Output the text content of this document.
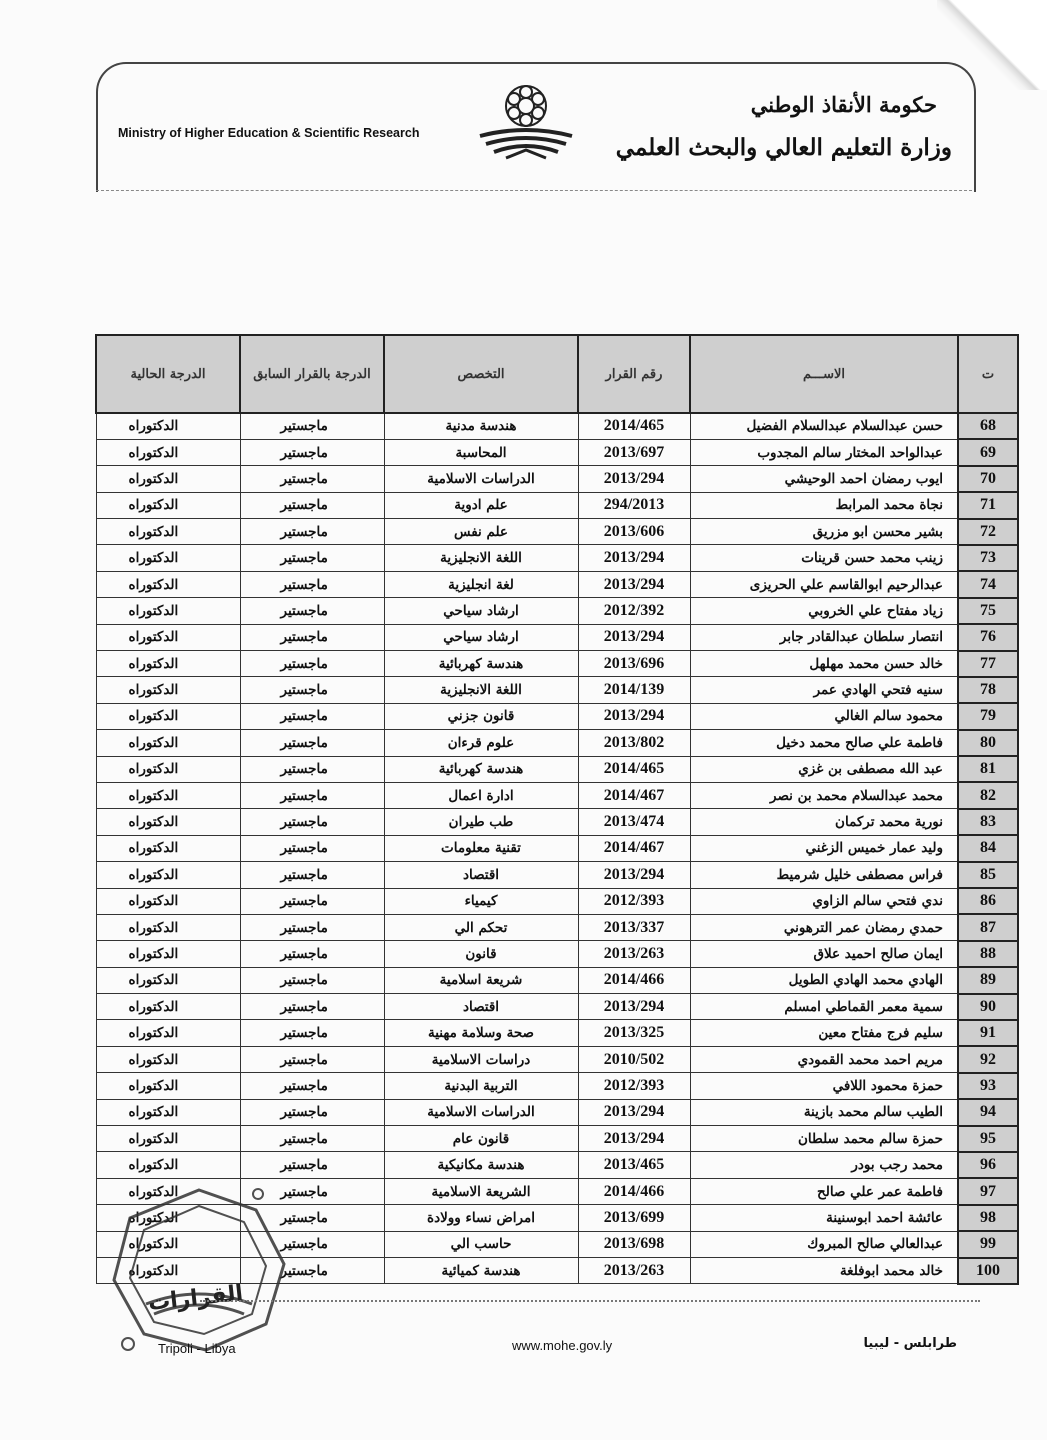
حكومة الأنقاذ الوطني
وزارة التعليم العالي والبحث العلمي
Ministry of Higher Education & Scientific Research
ت	الاســـم	رقم القرار	التخصص	الدرجة بالقرار السابق	الدرجة الحالية
68	حسن عبدالسلام عبدالسلام الفضيل	2014/465	هندسة مدنية	ماجستير	الدكتوراه
69	عبدالواحد المختار سالم المجدوب	2013/697	المحاسبة	ماجستير	الدكتوراه
70	ايوب رمضان احمد الوحيشي	2013/294	الدراسات الاسلامية	ماجستير	الدكتوراه
71	نجاة محمد المرابط	294/2013	علم ادوية	ماجستير	الدكتوراه
72	بشير محسن ابو مزريق	2013/606	علم نفس	ماجستير	الدكتوراه
73	زينب محمد حسن قرينات	2013/294	اللغة الانجليزية	ماجستير	الدكتوراه
74	عبدالرحيم ابوالقاسم علي الحريزى	2013/294	لغة انجليزية	ماجستير	الدكتوراه
75	زياد مفتاح علي الخروبي	2012/392	ارشاد سياحي	ماجستير	الدكتوراه
76	انتصار سلطان عبدالقادر جابر	2013/294	ارشاد سياحي	ماجستير	الدكتوراه
77	خالد حسن محمد مهلهل	2013/696	هندسة كهربائية	ماجستير	الدكتوراه
78	سنيه فتحي الهادي عمر	2014/139	اللغة الانجليزية	ماجستير	الدكتوراه
79	محمود سالم الغالي	2013/294	قانون جزني	ماجستير	الدكتوراه
80	فاطمة علي صالح محمد دخيل	2013/802	علوم قرءان	ماجستير	الدكتوراه
81	عبد الله مصطفى بن غزي	2014/465	هندسة كهربائية	ماجستير	الدكتوراه
82	محمد عبدالسلام محمد بن نصر	2014/467	ادارة اعمال	ماجستير	الدكتوراه
83	نورية محمد تركمان	2013/474	طب طيران	ماجستير	الدكتوراه
84	وليد عمار خميس الزغني	2014/467	تقنية معلومات	ماجستير	الدكتوراه
85	فراس مصطفى خليل شرميط	2013/294	اقتصاد	ماجستير	الدكتوراه
86	ندي فتحي سالم الزاوي	2012/393	كيمياء	ماجستير	الدكتوراه
87	حمدي رمضان عمر الترهوني	2013/337	تحكم الي	ماجستير	الدكتوراه
88	ايمان صالح احميد علاق	2013/263	قانون	ماجستير	الدكتوراه
89	الهادي محمد الهادي الطويل	2014/466	شريعة اسلامية	ماجستير	الدكتوراه
90	سمية معمر القماطي امسلم	2013/294	اقتصاد	ماجستير	الدكتوراه
91	سليم فرج مفتاح معين	2013/325	صحة وسلامة مهنية	ماجستير	الدكتوراه
92	مريم احمد محمد القمودي	2010/502	دراسات الاسلامية	ماجستير	الدكتوراه
93	حمزة محمود اللافي	2012/393	التربية البدنية	ماجستير	الدكتوراه
94	الطيب سالم محمد بازينة	2013/294	الدراسات الاسلامية	ماجستير	الدكتوراه
95	حمزة سالم محمد سلطان	2013/294	قانون عام	ماجستير	الدكتوراه
96	محمد رجب بودر	2013/465	هندسة مكانيكية	ماجستير	الدكتوراه
97	فاطمة عمر علي صالح	2014/466	الشريعة الاسلامية	ماجستير	الدكتوراه
98	عائشة احمد ابوسنينة	2013/699	امراض نساء وولادة	ماجستير	الدكتوراه
99	عبدالعالي صالح المبروك	2013/698	حاسب الي	ماجستير	الدكتوراه
100	خالد محمد ابوفلغة	2013/263	هندسة كميائية	ماجستير	الدكتوراه
القرارات
Tripoli - Libya	www.mohe.gov.ly	طرابلس - ليبيا
